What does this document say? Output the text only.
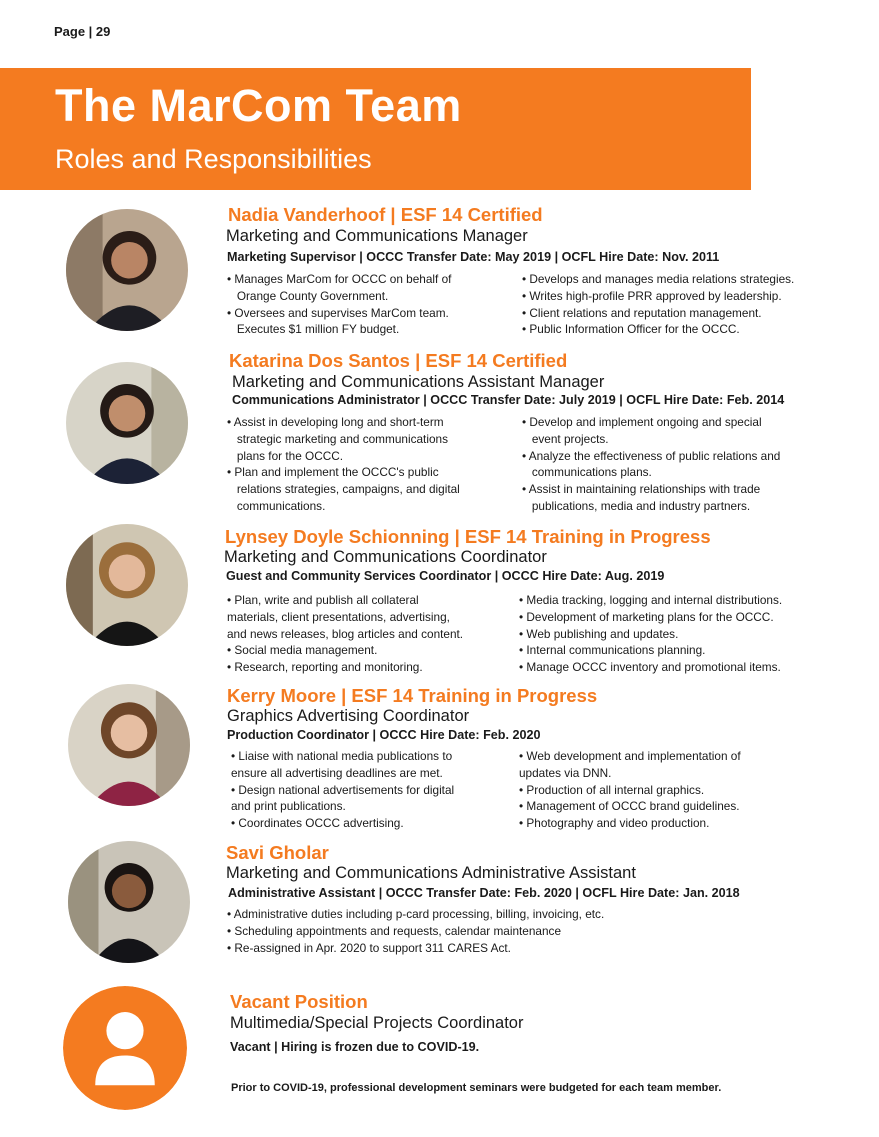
Page | 29
The MarCom Team
Roles and Responsibilities
Nadia Vanderhoof | ESF 14 Certified
Marketing and Communications Manager
Marketing Supervisor | OCCC Transfer Date: May 2019 | OCFL Hire Date: Nov. 2011
• Manages MarCom for OCCC on behalf of
Orange County Government.
• Oversees and supervises MarCom team.
Executes $1 million FY budget.
• Develops and manages media relations strategies.
• Writes high-profile PRR approved by leadership.
• Client relations and reputation management.
• Public Information Officer for the OCCC.
Katarina Dos Santos | ESF 14 Certified
Marketing and Communications Assistant Manager
Communications Administrator | OCCC Transfer Date: July 2019 | OCFL Hire Date: Feb. 2014
• Assist in developing long and short-term
strategic marketing and communications
plans for the OCCC.
• Plan and implement the OCCC's public
relations strategies, campaigns, and digital
communications.
• Develop and implement ongoing and special
event projects.
• Analyze the effectiveness of public relations and
communications plans.
• Assist in maintaining relationships with trade
publications, media and industry partners.
Lynsey Doyle Schionning | ESF 14 Training in Progress
Marketing and Communications Coordinator
Guest and Community Services Coordinator | OCCC Hire Date: Aug. 2019
• Plan, write and publish all collateral
materials, client presentations, advertising,
and news releases, blog articles and content.
• Social media management.
• Research, reporting and monitoring.
• Media tracking, logging and internal distributions.
• Development of marketing plans for the OCCC.
• Web publishing and updates.
• Internal communications planning.
• Manage OCCC inventory and promotional items.
Kerry Moore | ESF 14 Training in Progress
Graphics Advertising Coordinator
Production Coordinator | OCCC Hire Date: Feb. 2020
• Liaise with national media publications to
ensure all advertising deadlines are met.
• Design national advertisements for digital
and print publications.
• Coordinates OCCC advertising.
• Web development and implementation of
updates via DNN.
• Production of all internal graphics.
• Management of OCCC brand guidelines.
• Photography and video production.
Savi Gholar
Marketing and Communications Administrative Assistant
Administrative Assistant | OCCC Transfer Date: Feb. 2020 | OCFL Hire Date: Jan. 2018
• Administrative duties including p-card processing, billing, invoicing, etc.
• Scheduling appointments and requests, calendar maintenance
• Re-assigned in Apr. 2020 to support 311 CARES Act.
Vacant Position
Multimedia/Special Projects Coordinator
Vacant | Hiring is frozen due to COVID-19.
Prior to COVID-19, professional development seminars were budgeted for each team member.
